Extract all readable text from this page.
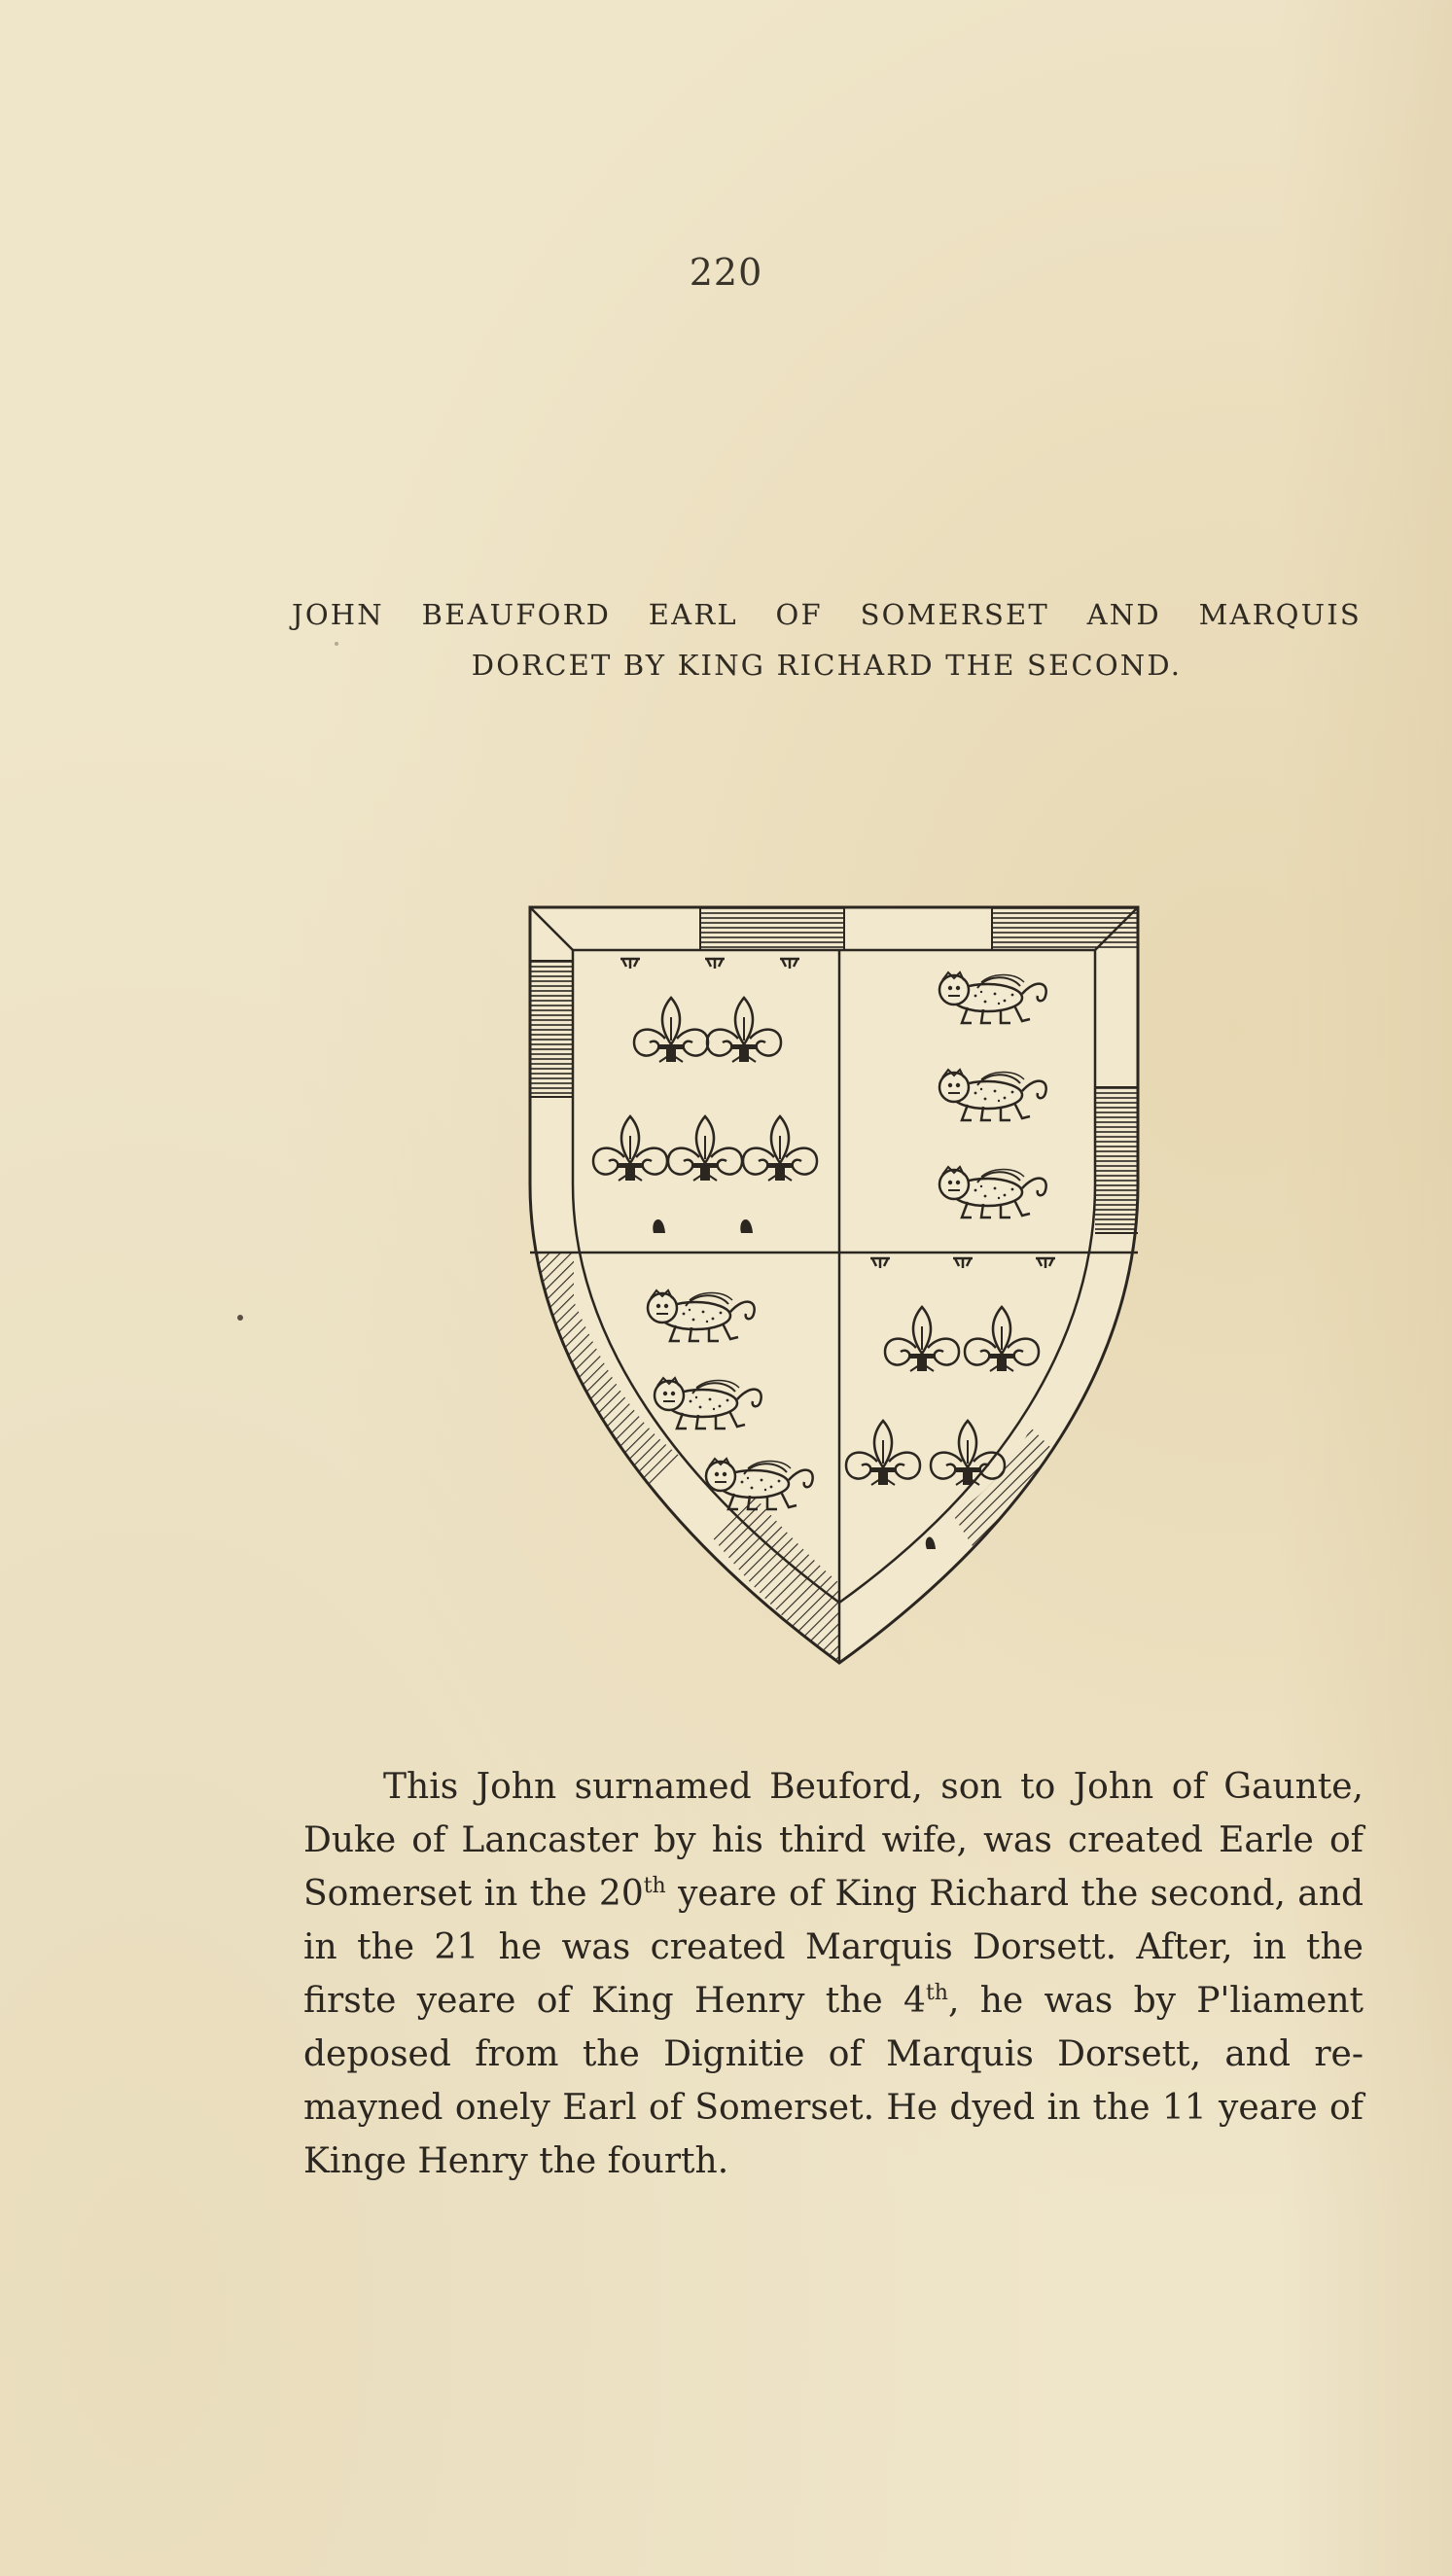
220
JOHN BEAUFORD EARL OF SOMERSET AND MARQUIS
DORCET BY KING RICHARD THE SECOND.

This John surnamed Beuford, son to John of Gaunte, Duke of Lancaster by his third wife, was created Earle of Somerset in the 20th yeare of King Richard the second, and in the 21 he was created Marquis Dorsett. After, in the firste yeare of King Henry the 4th, he was by P'liament deposed from the Dignitie of Marquis Dorsett, and re-mayned onely Earl of Somerset. He dyed in the 11 yeare of Kinge Henry the fourth.
